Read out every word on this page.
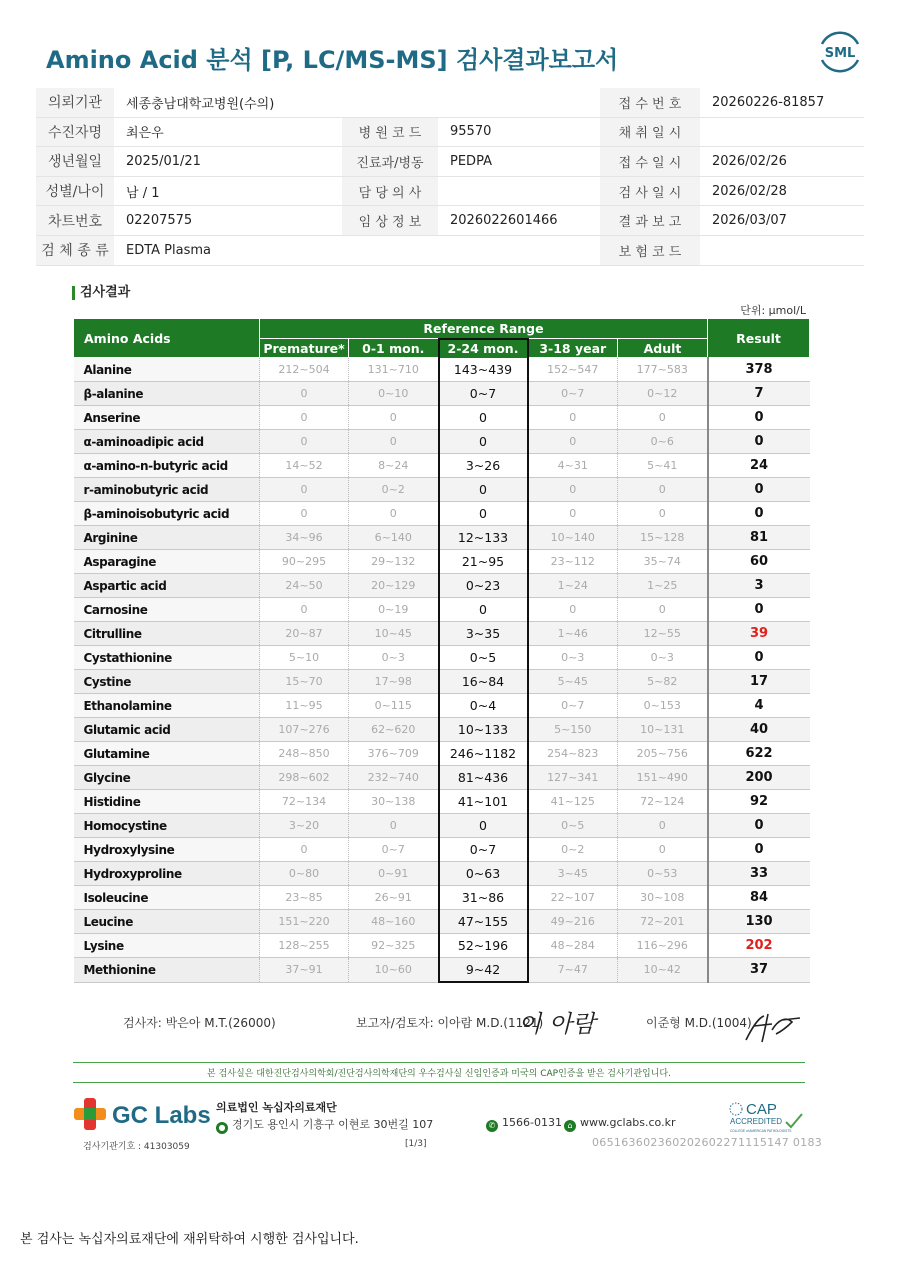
Amino Acid 분석 [P, LC/MS-MS] 검사결과보고서	SML
의뢰기관	세종충남대학교병원(수의)			접 수 번 호	20260226-81857
수진자명	최은우	병 원 코 드	95570	채 취 일 시	
생년월일	2025/01/21	진료과/병동	PEDPA	접 수 일 시	2026/02/26
성별/나이	남 / 1	담 당 의 사		검 사 일 시	2026/02/28
차트번호	02207575	임 상 정 보	2026022601466	결 과 보 고	2026/03/07
검 체 종 류	EDTA Plasma			보 험 코 드	
검사결과
단위: μmol/L
Amino Acids	Reference Range					Result
	Premature*	0-1 mon.	2-24 mon.	3-18 year	Adult	
Alanine	212~504	131~710	143~439	152~547	177~583	378
β-alanine	0	0~10	0~7	0~7	0~12	7
Anserine	0	0	0	0	0	0
α-aminoadipic acid	0	0	0	0	0~6	0
α-amino-n-butyric acid	14~52	8~24	3~26	4~31	5~41	24
r-aminobutyric acid	0	0~2	0	0	0	0
β-aminoisobutyric acid	0	0	0	0	0	0
Arginine	34~96	6~140	12~133	10~140	15~128	81
Asparagine	90~295	29~132	21~95	23~112	35~74	60
Aspartic acid	24~50	20~129	0~23	1~24	1~25	3
Carnosine	0	0~19	0	0	0	0
Citrulline	20~87	10~45	3~35	1~46	12~55	39
Cystathionine	5~10	0~3	0~5	0~3	0~3	0
Cystine	15~70	17~98	16~84	5~45	5~82	17
Ethanolamine	11~95	0~115	0~4	0~7	0~153	4
Glutamic acid	107~276	62~620	10~133	5~150	10~131	40
Glutamine	248~850	376~709	246~1182	254~823	205~756	622
Glycine	298~602	232~740	81~436	127~341	151~490	200
Histidine	72~134	30~138	41~101	41~125	72~124	92
Homocystine	3~20	0	0	0~5	0	0
Hydroxylysine	0	0~7	0~7	0~2	0	0
Hydroxyproline	0~80	0~91	0~63	3~45	0~53	33
Isoleucine	23~85	26~91	31~86	22~107	30~108	84
Leucine	151~220	48~160	47~155	49~216	72~201	130
Lysine	128~255	92~325	52~196	48~284	116~296	202
Methionine	37~91	10~60	9~42	7~47	10~42	37
검사자: 박은아 M.T.(26000)	보고자/검토자: 이아람 M.D.(1121)
이 아람	이준형 M.D.(1004)
본 검사실은 대한진단검사의학회/진단검사의학재단의 우수검사실 신임인증과 미국의 CAP인증을 받은 검사기관입니다.
GC Labs 의료법인 녹십자의료재단
● 경기도 용인시 기흥구 이현로 30번길 107	✆ 1566-0131 ⌂ www.gclabs.co.kr
CAP
ACCREDITED
COLLEGE of AMERICAN PATHOLOGISTS
검사기관기호 : 41303059	[1/3]	065163602360202602271115147 0183
본 검사는 녹십자의료재단에 재위탁하여 시행한 검사입니다.
